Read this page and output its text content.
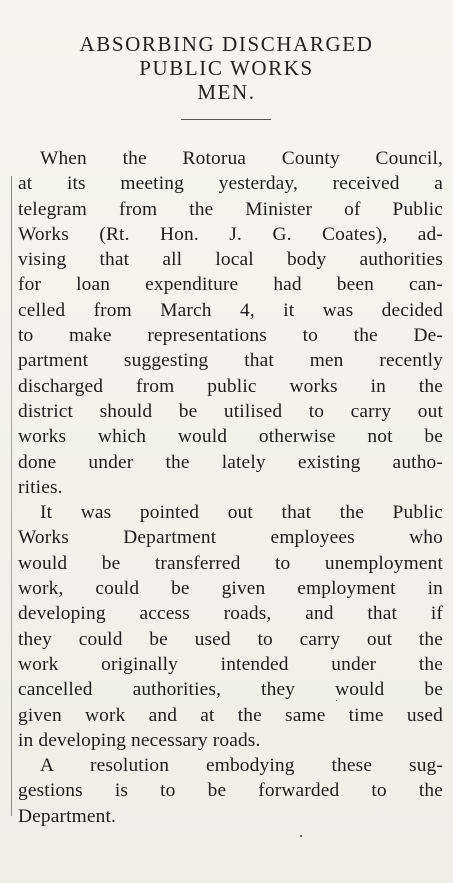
ABSORBING DISCHARGED
PUBLIC WORKS
MEN.
When the Rotorua County Council,
at its meeting yesterday, received a
telegram from the Minister of Public
Works (Rt. Hon. J. G. Coates), ad-
vising that all local body authorities
for loan expenditure had been can-
celled from March 4, it was decided
to make representations to the De-
partment suggesting that men recently
discharged from public works in the
district should be utilised to carry out
works which would otherwise not be
done under the lately existing autho-
rities.
It was pointed out that the Public
Works Department employees who
would be transferred to unemployment
work, could be given employment in
developing access roads, and that if
they could be used to carry out the
work originally intended under the
cancelled authorities, they would be
given work and at the same time used
in developing necessary roads.
A resolution embodying these sug-
gestions is to be forwarded to the
Department.
